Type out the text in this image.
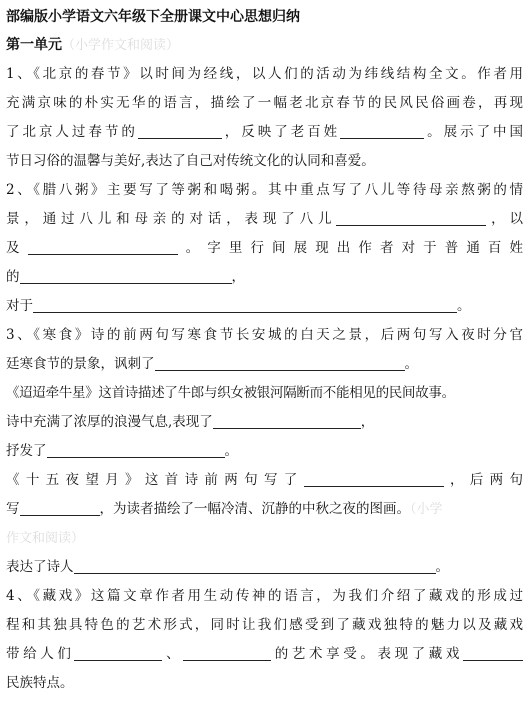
部编版小学语文六年级下全册课文中心思想归纳
第一单元（小学作文和阅读）
1、《北京的春节》以时间为经线，以人们的活动为纬线结构全文。作者用
充满京味的朴实无华的语言，描绘了一幅老北京春节的民风民俗画卷，再现
了北京人过春节的	，反映了老百姓	。展示了中国
节日习俗的温馨与美好,表达了自己对传统文化的认同和喜爱。
2、《腊八粥》主要写了等粥和喝粥。其中重点写了八儿等待母亲熬粥的情
景，通过八儿和母亲的对话，表现了八儿	，以
及	。字里行间展现出作者对于普通百姓
的	，
对于	。
3、《寒食》诗的前两句写寒食节长安城的白天之景，后两句写入夜时分官
廷寒食节的景象，讽刺了	。
《迢迢牵牛星》这首诗描述了牛郎与织女被银河隔断而不能相见的民间故事。
诗中充满了浓厚的浪漫气息,表现了	，
抒发了	。
《十五夜望月》这首诗前两句写了	，后两句
写	，为读者描绘了一幅冷清、沉静的中秋之夜的图画。（小学
作文和阅读）
表达了诗人	。
4、《藏戏》这篇文章作者用生动传神的语言，为我们介绍了藏戏的形成过
程和其独具特色的艺术形式，同时让我们感受到了藏戏独特的魅力以及藏戏
带给人们	、	的艺术享受。表现了藏戏
民族特点。
